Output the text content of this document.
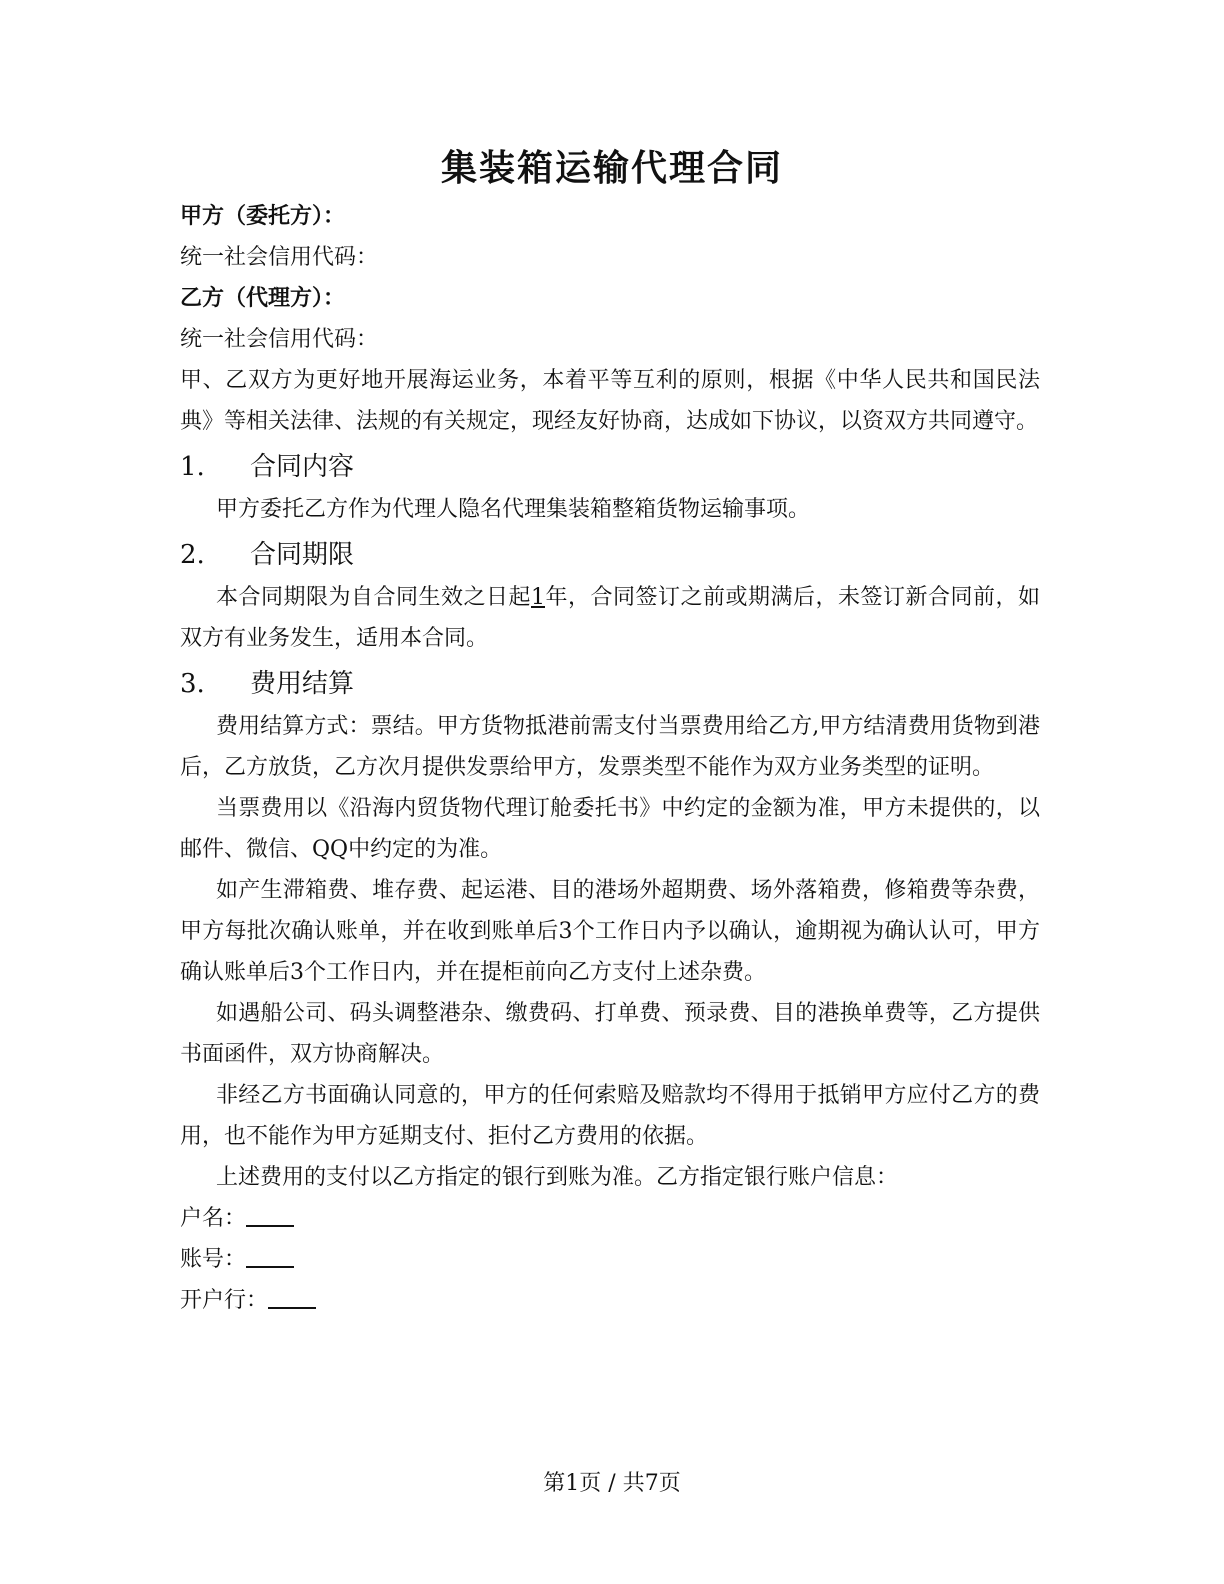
集装箱运输代理合同

甲方（委托方）：

统一社会信用代码：

乙方（代理方）：

统一社会信用代码：

甲、乙双方为更好地开展海运业务，本着平等互利的原则，根据《中华人民共和国民法典》等相关法律、法规的有关规定，现经友好协商，达成如下协议，以资双方共同遵守。

1.	合同内容

甲方委托乙方作为代理人隐名代理集装箱整箱货物运输事项。

2.	合同期限

本合同期限为自合同生效之日起1年，合同签订之前或期满后，未签订新合同前，如双方有业务发生，适用本合同。

3.	费用结算

费用结算方式：票结。甲方货物抵港前需支付当票费用给乙方,甲方结清费用货物到港后，乙方放货，乙方次月提供发票给甲方，发票类型不能作为双方业务类型的证明。

当票费用以《沿海内贸货物代理订舱委托书》中约定的金额为准，甲方未提供的，以邮件、微信、QQ中约定的为准。

如产生滞箱费、堆存费、起运港、目的港场外超期费、场外落箱费，修箱费等杂费，甲方每批次确认账单，并在收到账单后3个工作日内予以确认，逾期视为确认认可，甲方确认账单后3个工作日内，并在提柜前向乙方支付上述杂费。

如遇船公司、码头调整港杂、缴费码、打单费、预录费、目的港换单费等，乙方提供书面函件，双方协商解决。

非经乙方书面确认同意的，甲方的任何索赔及赔款均不得用于抵销甲方应付乙方的费用，也不能作为甲方延期支付、拒付乙方费用的依据。

上述费用的支付以乙方指定的银行到账为准。乙方指定银行账户信息：

户名：

账号：

开户行：

第1页 / 共7页
